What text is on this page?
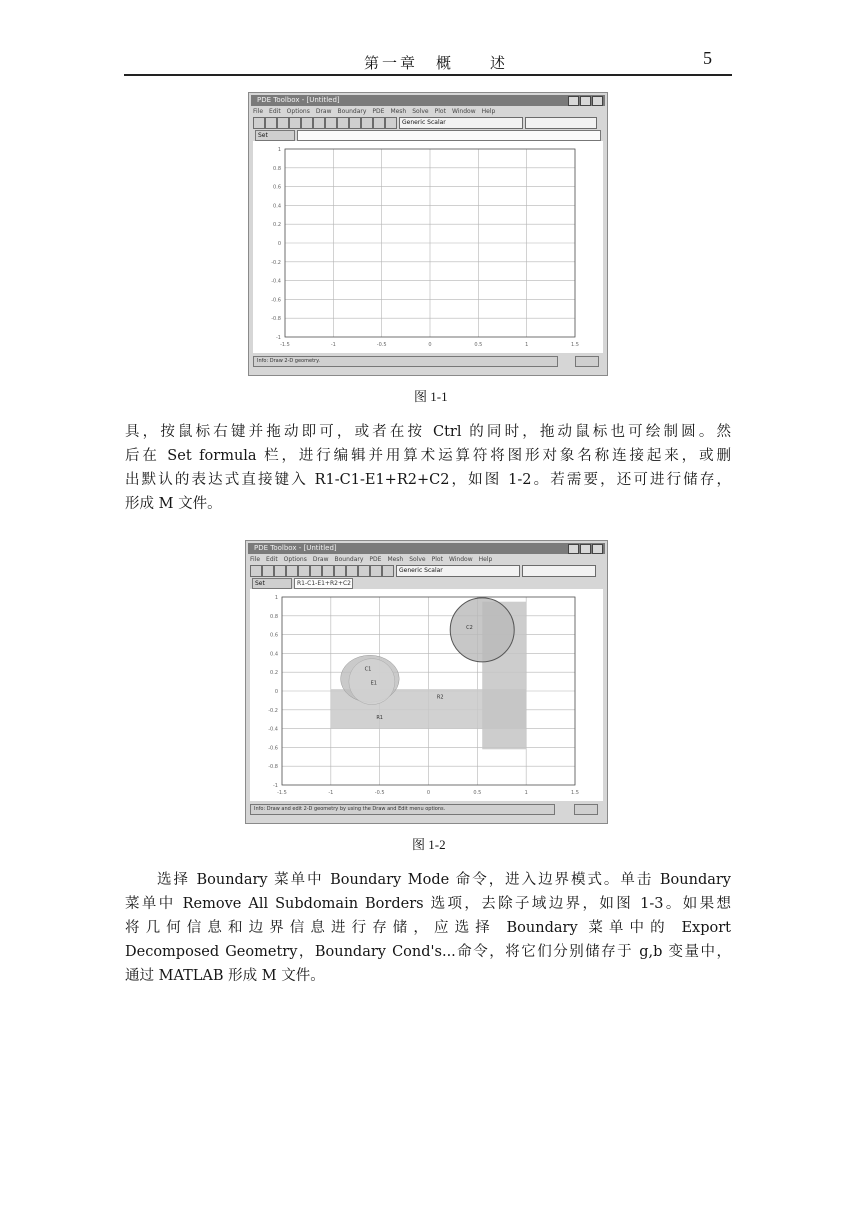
第一章　概　　述	5
PDE Toolbox - [Untitled]
File Edit Options Draw Boundary PDE Mesh Solve Plot Window Help
Generic Scalar
Set
1
0.8
0.6
0.4
0.2
0
-0.2
-0.4
-0.6
-0.8
-1
-1.5	-1	-0.5	0	0.5	1	1.5
Info: Draw 2-D geometry.
图 1-1
具，按鼠标右键并拖动即可，或者在按 Ctrl 的同时，拖动鼠标也可绘制圆。然
后在 Set formula 栏，进行编辑并用算术运算符将图形对象名称连接起来，或删
出默认的表达式直接键入 R1-C1-E1+R2+C2，如图 1-2。若需要，还可进行储存，
形成 M 文件。
PDE Toolbox - [Untitled]
File Edit Options Draw Boundary PDE Mesh Solve Plot Window Help
Generic Scalar
Set	R1-C1-E1+R2+C2
1
0.8
0.6
0.4
0.2
0
-0.2
-0.4
-0.6
-0.8
-1
-1.5	-1	-0.5	0	0.5	1	1.5
C1
E1
R1
R2
C2
Info: Draw and edit 2-D geometry by using the Draw and Edit menu options.
图 1-2
选择 Boundary 菜单中 Boundary Mode 命令，进入边界模式。单击 Boundary
菜单中 Remove All Subdomain Borders 选项，去除子域边界，如图 1-3。如果想
将几何信息和边界信息进行存储，应选择 Boundary 菜单中的 Export
Decomposed Geometry，Boundary Cond's...命令，将它们分别储存于 g,b 变量中，
通过 MATLAB 形成 M 文件。
